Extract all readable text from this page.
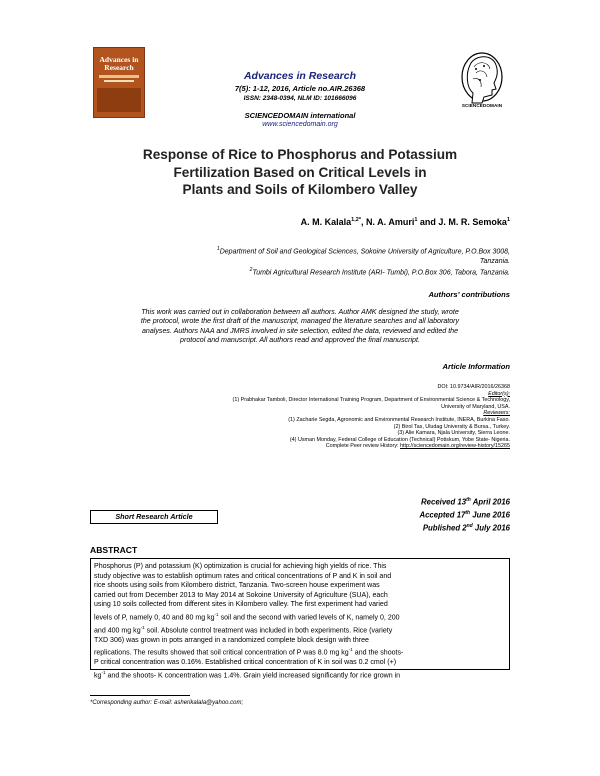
Advances in Research
Advances in Research
7(5): 1-12, 2016, Article no.AIR.26368
ISSN: 2348-0394, NLM ID: 101666096
SCIENCEDOMAIN international
www.sciencedomain.org
SCIENCEDOMAIN
Response of Rice to Phosphorus and Potassium
Fertilization Based on Critical Levels in
Plants and Soils of Kilombero Valley
A. M. Kalala$^{1,2*}$, N. A. Amuri$^1$ and J. M. R. Semoka$^1$
$^1$Department of Soil and Geological Sciences, Sokoine University of Agriculture, P.O.Box 3008,
Tanzania.
$^2$Tumbi Agricultural Research Institute (ARI- Tumbi), P.O.Box 306, Tabora, Tanzania.
Authors’ contributions
This work was carried out in collaboration between all authors. Author AMK designed the study, wrote
the protocol, wrote the first draft of the manuscript, managed the literature searches and all laboratory
analyses. Authors NAA and JMRS involved in site selection, edited the data, reviewed and edited the
protocol and manuscript. All authors read and approved the final manuscript.
Article Information
DOI: 10.9734/AIR/2016/26368
Editor(s):
(1) Prabhakar Tamboli, Director International Training Program, Department of Environmental Science & Technology,
University of Maryland, USA.
Reviewers:
(1) Zacharie Segda, Agronomic and Environmental Research Institute, INERA, Burkina Faso.
(2) Birol Tas, Uludag University & Bursa., Turkey.
(3) Alie Kamara, Njala University, Sierra Leone.
(4) Usman Monday, Federal College of Education (Technical) Potiskum, Yobe State- Nigeria.
Complete Peer review History: http://sciencedomain.org/review-history/15265
Received 13th April 2016
Accepted 17th June 2016
Published 2nd July 2016
Short Research Article
ABSTRACT
Phosphorus (P) and potassium (K) optimization is crucial for achieving high yields of rice. This
study objective was to establish optimum rates and critical concentrations of P and K in soil and
rice shoots using soils from Kilombero district, Tanzania. Two-screen house experiment was
carried out from December 2013 to May 2014 at Sokoine University of Agriculture (SUA), each
using 10 soils collected from different sites in Kilombero valley. The first experiment had varied
levels of P, namely 0, 40 and 80 mg $kg^{-1}$ soil and the second with varied levels of K, namely 0, 200
and 400 mg $kg^{-1}$ soil. Absolute control treatment was included in both experiments. Rice (variety
TXD 306) was grown in pots arranged in a randomized complete block design with three
replications. The results showed that soil critical concentration of P was 8.0 mg $kg^{-1}$ and the shoots-
P critical concentration was 0.16%. Established critical concentration of K in soil was 0.2 cmol (+)
$kg^{-1}$ and the shoots- K concentration was 1.4%. Grain yield increased significantly for rice grown in
*Corresponding author: E-mail: asherikalala@yahoo.com;
